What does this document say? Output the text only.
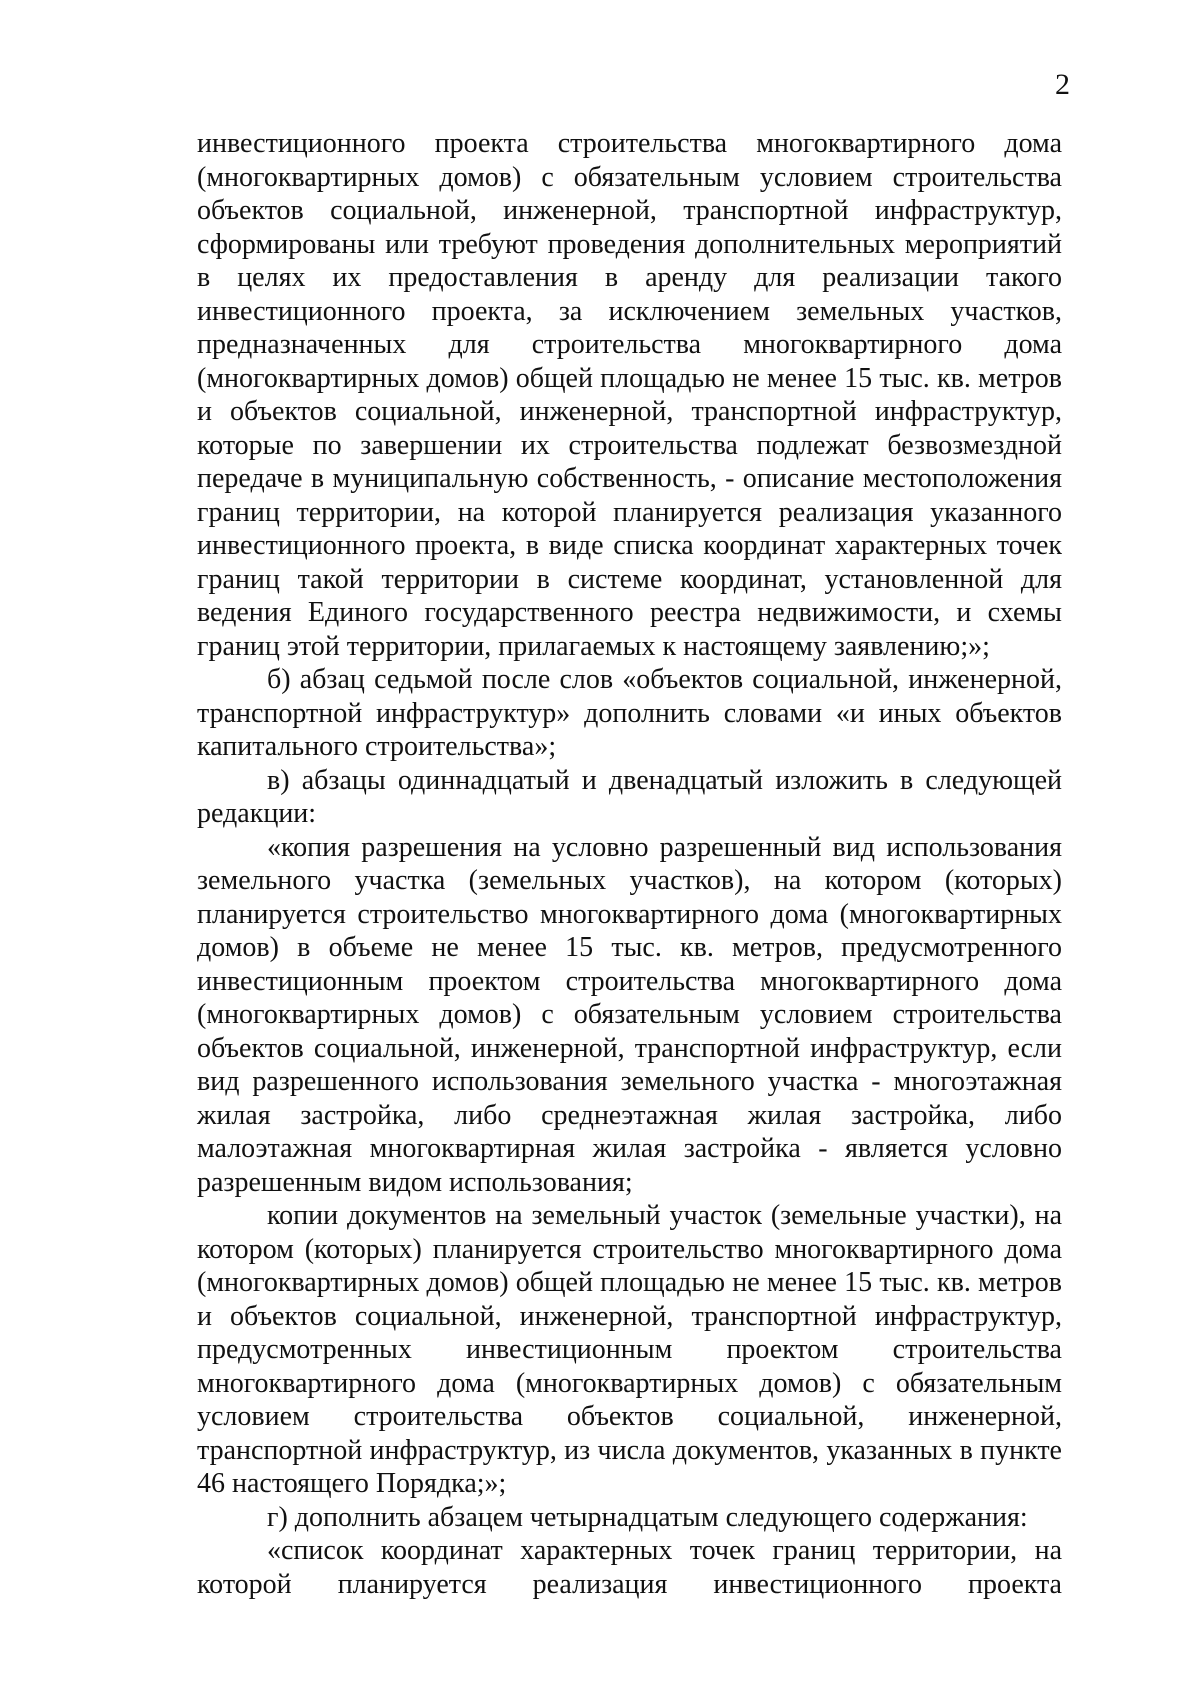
2

инвестиционного проекта строительства многоквартирного дома (многоквартирных домов) с обязательным условием строительства объектов социальной, инженерной, транспортной инфраструктур, сформированы или требуют проведения дополнительных мероприятий в целях их предоставления в аренду для реализации такого инвестиционного проекта, за исключением земельных участков, предназначенных для строительства многоквартирного дома (многоквартирных домов) общей площадью не менее 15 тыс. кв. метров и объектов социальной, инженерной, транспортной инфраструктур, которые по завершении их строительства подлежат безвозмездной передаче в муниципальную собственность, - описание местоположения границ территории, на которой планируется реализация указанного инвестиционного проекта, в виде списка координат характерных точек границ такой территории в системе координат, установленной для ведения Единого государственного реестра недвижимости, и схемы границ этой территории, прилагаемых к настоящему заявлению;»;

б) абзац седьмой после слов «объектов социальной, инженерной, транспортной инфраструктур» дополнить словами «и иных объектов капитального строительства»;

в) абзацы одиннадцатый и двенадцатый изложить в следующей редакции:

«копия разрешения на условно разрешенный вид использования земельного участка (земельных участков), на котором (которых) планируется строительство многоквартирного дома (многоквартирных домов) в объеме не менее 15 тыс. кв. метров, предусмотренного инвестиционным проектом строительства многоквартирного дома (многоквартирных домов) с обязательным условием строительства объектов социальной, инженерной, транспортной инфраструктур, если вид разрешенного использования земельного участка - многоэтажная жилая застройка, либо среднеэтажная жилая застройка, либо малоэтажная многоквартирная жилая застройка - является условно разрешенным видом использования;

копии документов на земельный участок (земельные участки), на котором (которых) планируется строительство многоквартирного дома (многоквартирных домов) общей площадью не менее 15 тыс. кв. метров и объектов социальной, инженерной, транспортной инфраструктур, предусмотренных инвестиционным проектом строительства многоквартирного дома (многоквартирных домов) с обязательным условием строительства объектов социальной, инженерной, транспортной инфраструктур, из числа документов, указанных в пункте 46 настоящего Порядка;»;

г) дополнить абзацем четырнадцатым следующего содержания:

«список координат характерных точек границ территории, на которой планируется реализация инвестиционного проекта
